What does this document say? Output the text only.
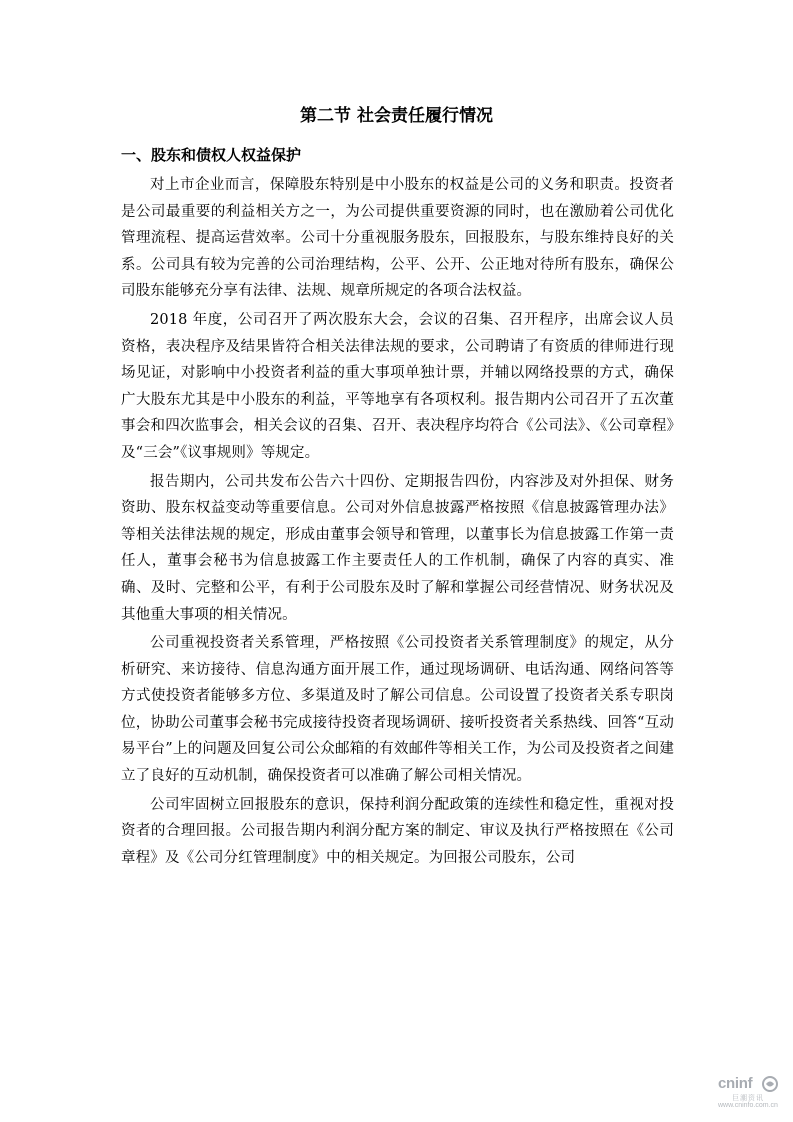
第二节 社会责任履行情况
一、股东和债权人权益保护

对上市企业而言，保障股东特别是中小股东的权益是公司的义务和职责。投资者是公司最重要的利益相关方之一，为公司提供重要资源的同时，也在激励着公司优化管理流程、提高运营效率。公司十分重视服务股东，回报股东，与股东维持良好的关系。公司具有较为完善的公司治理结构，公平、公开、公正地对待所有股东，确保公司股东能够充分享有法律、法规、规章所规定的各项合法权益。

2018 年度，公司召开了两次股东大会，会议的召集、召开程序，出席会议人员资格，表决程序及结果皆符合相关法律法规的要求，公司聘请了有资质的律师进行现场见证，对影响中小投资者利益的重大事项单独计票，并辅以网络投票的方式，确保广大股东尤其是中小股东的利益，平等地享有各项权利。报告期内公司召开了五次董事会和四次监事会，相关会议的召集、召开、表决程序均符合《公司法》、《公司章程》及“三会”《议事规则》等规定。

报告期内，公司共发布公告六十四份、定期报告四份，内容涉及对外担保、财务资助、股东权益变动等重要信息。公司对外信息披露严格按照《信息披露管理办法》等相关法律法规的规定，形成由董事会领导和管理，以董事长为信息披露工作第一责任人，董事会秘书为信息披露工作主要责任人的工作机制，确保了内容的真实、准确、及时、完整和公平，有利于公司股东及时了解和掌握公司经营情况、财务状况及其他重大事项的相关情况。

公司重视投资者关系管理，严格按照《公司投资者关系管理制度》的规定，从分析研究、来访接待、信息沟通方面开展工作，通过现场调研、电话沟通、网络问答等方式使投资者能够多方位、多渠道及时了解公司信息。公司设置了投资者关系专职岗位，协助公司董事会秘书完成接待投资者现场调研、接听投资者关系热线、回答“互动易平台”上的问题及回复公司公众邮箱的有效邮件等相关工作，为公司及投资者之间建立了良好的互动机制，确保投资者可以准确了解公司相关情况。

公司牢固树立回报股东的意识，保持利润分配政策的连续性和稳定性，重视对投资者的合理回报。公司报告期内利润分配方案的制定、审议及执行严格按照在《公司章程》及《公司分红管理制度》中的相关规定。为回报公司股东，公司

cninf
巨潮资讯
www.cninfo.com.cn
